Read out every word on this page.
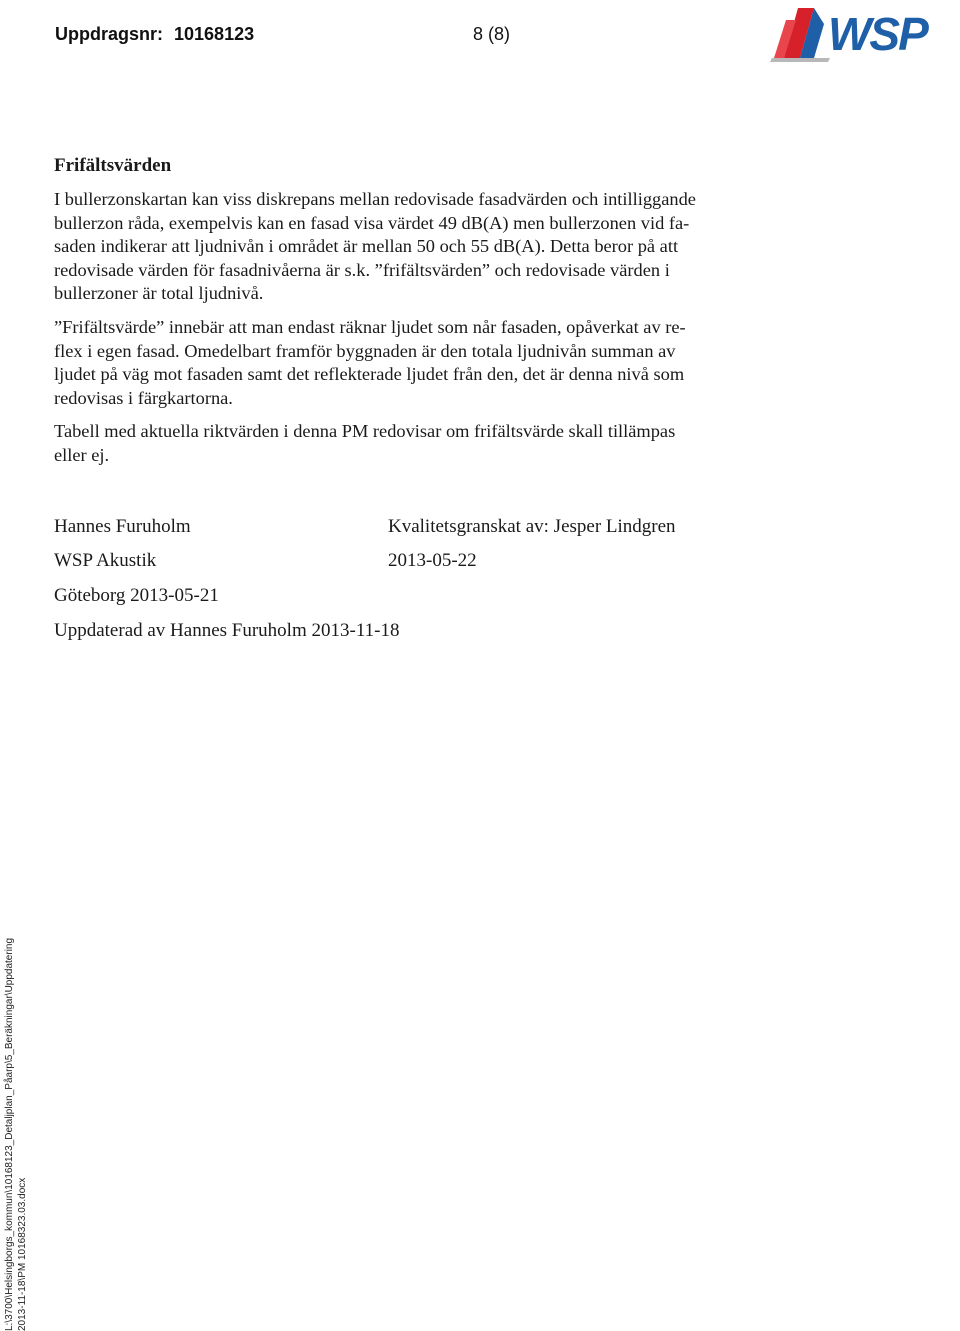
Uppdragsnr: 10168123	8 (8)	WSP
Frifältsvärden
I bullerzonskartan kan viss diskrepans mellan redovisade fasadvärden och intilliggande
bullerzon råda, exempelvis kan en fasad visa värdet 49 dB(A) men bullerzonen vid fa-
saden indikerar att ljudnivån i området är mellan 50 och 55 dB(A). Detta beror på att
redovisade värden för fasadnivåerna är s.k. ”frifältsvärden” och redovisade värden i
bullerzoner är total ljudnivå.
”Frifältsvärde” innebär att man endast räknar ljudet som når fasaden, opåverkat av re-
flex i egen fasad. Omedelbart framför byggnaden är den totala ljudnivån summan av
ljudet på väg mot fasaden samt det reflekterade ljudet från den, det är denna nivå som
redovisas i färgkartorna.
Tabell med aktuella riktvärden i denna PM redovisar om frifältsvärde skall tillämpas
eller ej.
Hannes Furuholm	Kvalitetsgranskat av: Jesper Lindgren
WSP Akustik	2013-05-22
Göteborg 2013-05-21
Uppdaterad av Hannes Furuholm 2013-11-18
L:\3700\Helsingborgs_kommun\10168123_Detaljplan_Påarp\5_Beräkningar\Uppdatering 2013-11-18\PM 10168323.03.docx
